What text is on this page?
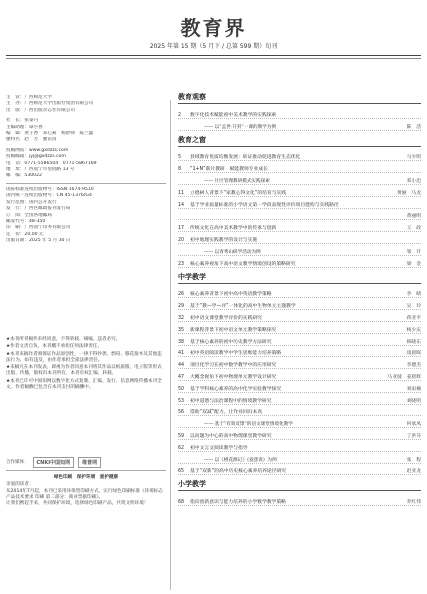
教育界
2025 年第 15 期（5 月下 / 总第 599 期）旬刊
主　管：广西师范大学
主　办：广西师范大学出版社集团有限公司
出　版：广西出版杂志社有限公司
社　长：张泰巧
主编助理：谭小香
编　辑：黄子香　邓心莉　杨舒师　陈兰鑫
廖特名　赵　芳　廖苗清
投稿网站：www.gxdzzs.com
投稿邮箱：jyj@gxdzzs.com
电　话：0771-5586504　0771-5867169
地　址：广西南宁市望园路 13 号
邮　编：530022
国际标准连续出版物号：ISSN 1674-9510
国内统一连续出版物号：CN 45-1376/G4
发行范围：国内公开发行
发　行：广西区邮政报刊发行局
订　阅：全国各地邮局
邮发代号：48-350
印　刷：广西南宁印务有限公司
定　价：20.00 元
出版日期：2025 年 5 月 30 日

★本刊所刊稿件未经同意，不得转载、摘编，违者必究。

★作者文责自负，本刊概不承担任何法律责任。

★本刊来稿作者须保证作品原创性，一律不得抄袭、剽窃、移花接木及其他违法行为。如有违反，由作者承担全部法律责任。

★来稿凡在本刊发表，即视为作者同意本刊将其作品以纸质版、电子版等形式出版、传播，版权归本刊所有，本刊有权汇编、转载。

★本刊已许可中国知网以数字化方式复制、汇编、发行、信息网络传播本刊全文。作者稿酬已包含在本刊支付的稿酬中。

合作媒体：	CNKI中国知网	维普网
绿色印刷　保护环境　爱护健康
亲爱的读者：
从2014年7月起，本刊已采用环保型印刷方式，实行绿色印刷标准《环境标志产品技术要求 印刷 第二部分：商业票据印刷》。
让我们携起手来，共同保护环境，选择绿色印刷产品，共筑文明环境！
教育观察
2	数字化技术赋能初中美术教学的实践探索
—— 以“孟世·开封”一课的教学为例	陈　活
教育之窗
5	县域教育优质均衡发展：转证推动促进教育生态优化	马少明
8	“1+N”联片教研　赋能教师专业成长
—— 片区管理教研模式实践探索	邓小迅
11	立德树人背景下“家教心得文化”的培育与实践	黄丽　马龙
14	基于学业质量标准的小学语文第一学段表现性评价项目建构与实践路径
黄丽明
17	传统文化在高中美术教学中的传承与创新	王　政
20	初中地理实践教学的设计与实施
—— 以青秀山研学活动为例	邹　仟
23	核心素养视角下高中语文教学情境创设的策略研究	梁　金
中学教学
26	核心素养背景下初中高中英语教学策略	李　晴
29	基于“教—学—评”一体化的高中生物单元主题教学	吴　玲
32	初中语文课堂教学评价的实践研究	蒋亚平
35	新课程背景下初中语文单元教学策略探究	杨少庆
38	基于核心素养的初中历史教学方法研究	韩晓东
41	初中英语阅读教学中学生思维能力培养策略	谈晨晖
44	项目化学习在初中数学教学中的应用研究	李德杰
47	大概念视角下初中物理单元教学设计研究	马亚坡　姜晨辉
50	基于学科核心素养的高中化学实验教学探究	刘雨楠
53	初中道德与法治课程中的情境教学研究	刘晓明
56	借助“双减”配力，让作业回归本真
—— 基于“有效反馈”的语文课堂情境化教学	何承凤
59	以问题为中心的高中物理课堂教学研究	丁洪芬
62	初中文言文阅读教学与指导
—— 以《桃花源记》《爱莲说》为例	张　程
65	基于“双新”的高中历史核心素养培养途径研究	赵亚龙
小学教学
68	指向创新意识与能力培养的小学数学教学策略	乔红伟
